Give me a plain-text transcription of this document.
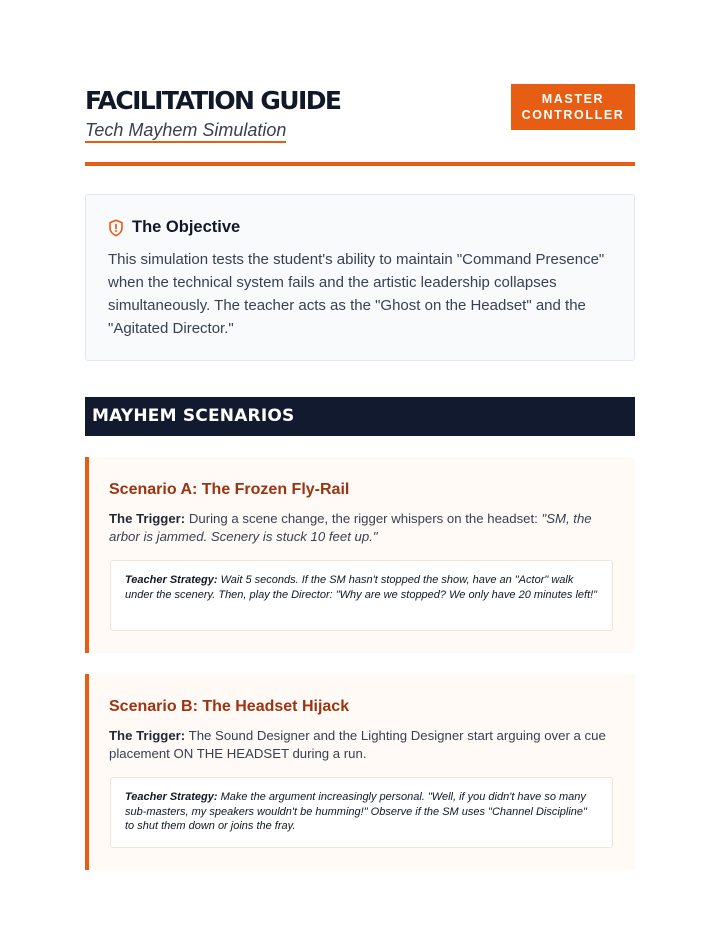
FACILITATION GUIDE
Tech Mayhem Simulation
MASTER
CONTROLLER
The Objective

This simulation tests the student's ability to maintain "Command Presence" when the technical system fails and the artistic leadership collapses simultaneously. The teacher acts as the "Ghost on the Headset" and the "Agitated Director."

MAYHEM SCENARIOS
Scenario A: The Frozen Fly-Rail

The Trigger: During a scene change, the rigger whispers on the headset: "SM, the arbor is jammed. Scenery is stuck 10 feet up."

Teacher Strategy: Wait 5 seconds. If the SM hasn't stopped the show, have an "Actor" walk under the scenery. Then, play the Director: "Why are we stopped? We only have 20 minutes left!"
Scenario B: The Headset Hijack

The Trigger: The Sound Designer and the Lighting Designer start arguing over a cue placement ON THE HEADSET during a run.

Teacher Strategy: Make the argument increasingly personal. "Well, if you didn't have so many sub-masters, my speakers wouldn't be humming!" Observe if the SM uses "Channel Discipline" to shut them down or joins the fray.
